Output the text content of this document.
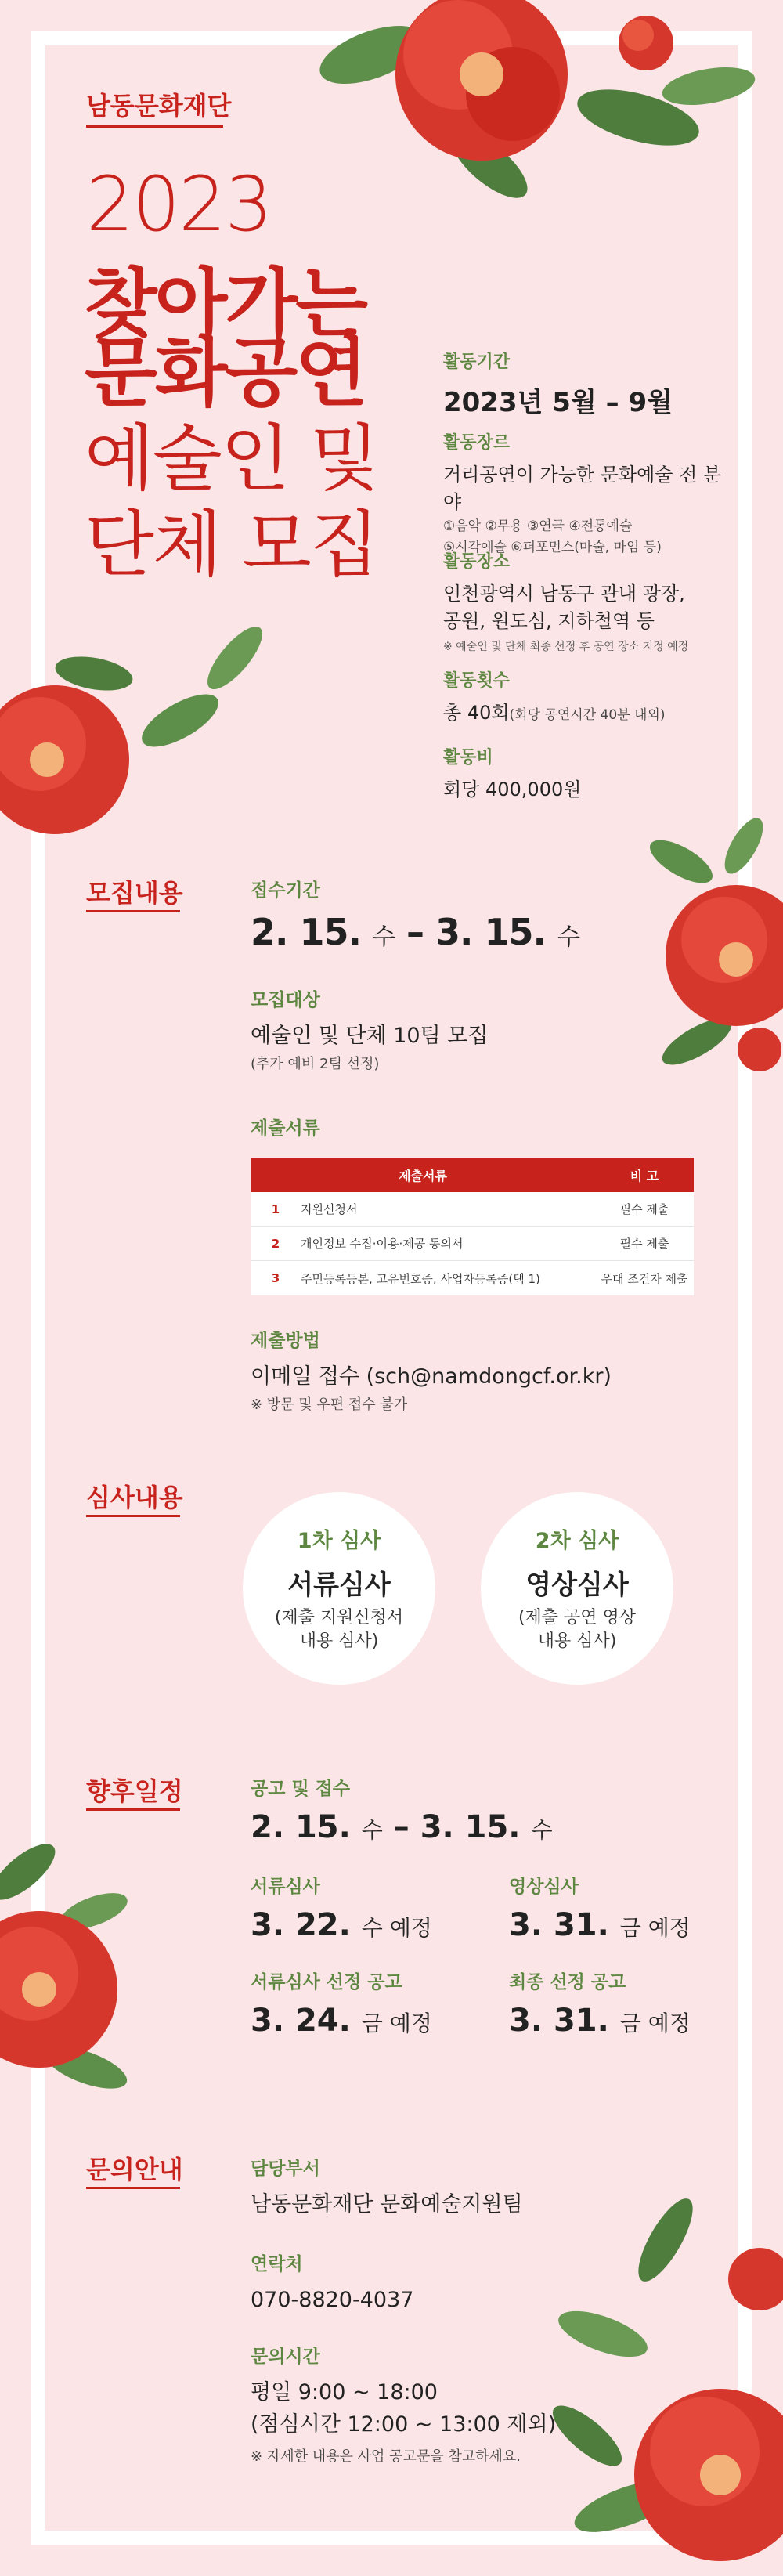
남동문화재단
2023
찾아가는
문화공연
예술인 및
단체 모집
활동기간
2023년 5월 – 9월
활동장르
거리공연이 가능한 문화예술 전 분야
①음악 ②무용 ③연극 ④전통예술
⑤시각예술 ⑥퍼포먼스(마술, 마임 등)
활동장소
인천광역시 남동구 관내 광장,
공원, 원도심, 지하철역 등
※ 예술인 및 단체 최종 선정 후 공연 장소 지정 예정
활동횟수
총 40회(회당 공연시간 40분 내외)
활동비
회당 400,000원
모집내용	접수기간
2. 15. 수 – 3. 15. 수
모집대상
예술인 및 단체 10팀 모집
(추가 예비 2팀 선정)
제출서류
제출서류	비 고
1	지원신청서	필수 제출
2	개인정보 수집·이용·제공 동의서	필수 제출
3	주민등록등본, 고유번호증, 사업자등록증(택 1)	우대 조건자 제출
제출방법
이메일 접수 (sch@namdongcf.or.kr)
※ 방문 및 우편 접수 불가
심사내용
1차 심사
서류심사
(제출 지원신청서
내용 심사)
2차 심사
영상심사
(제출 공연 영상
내용 심사)
향후일정	공고 및 접수
2. 15. 수 – 3. 15. 수
서류심사
3. 22. 수 예정
영상심사
3. 31. 금 예정
서류심사 선정 공고
3. 24. 금 예정
최종 선정 공고
3. 31. 금 예정
문의안내	담당부서
남동문화재단 문화예술지원팀
연락처
070-8820-4037
문의시간
평일 9:00 ~ 18:00
(점심시간 12:00 ~ 13:00 제외)
※ 자세한 내용은 사업 공고문을 참고하세요.
